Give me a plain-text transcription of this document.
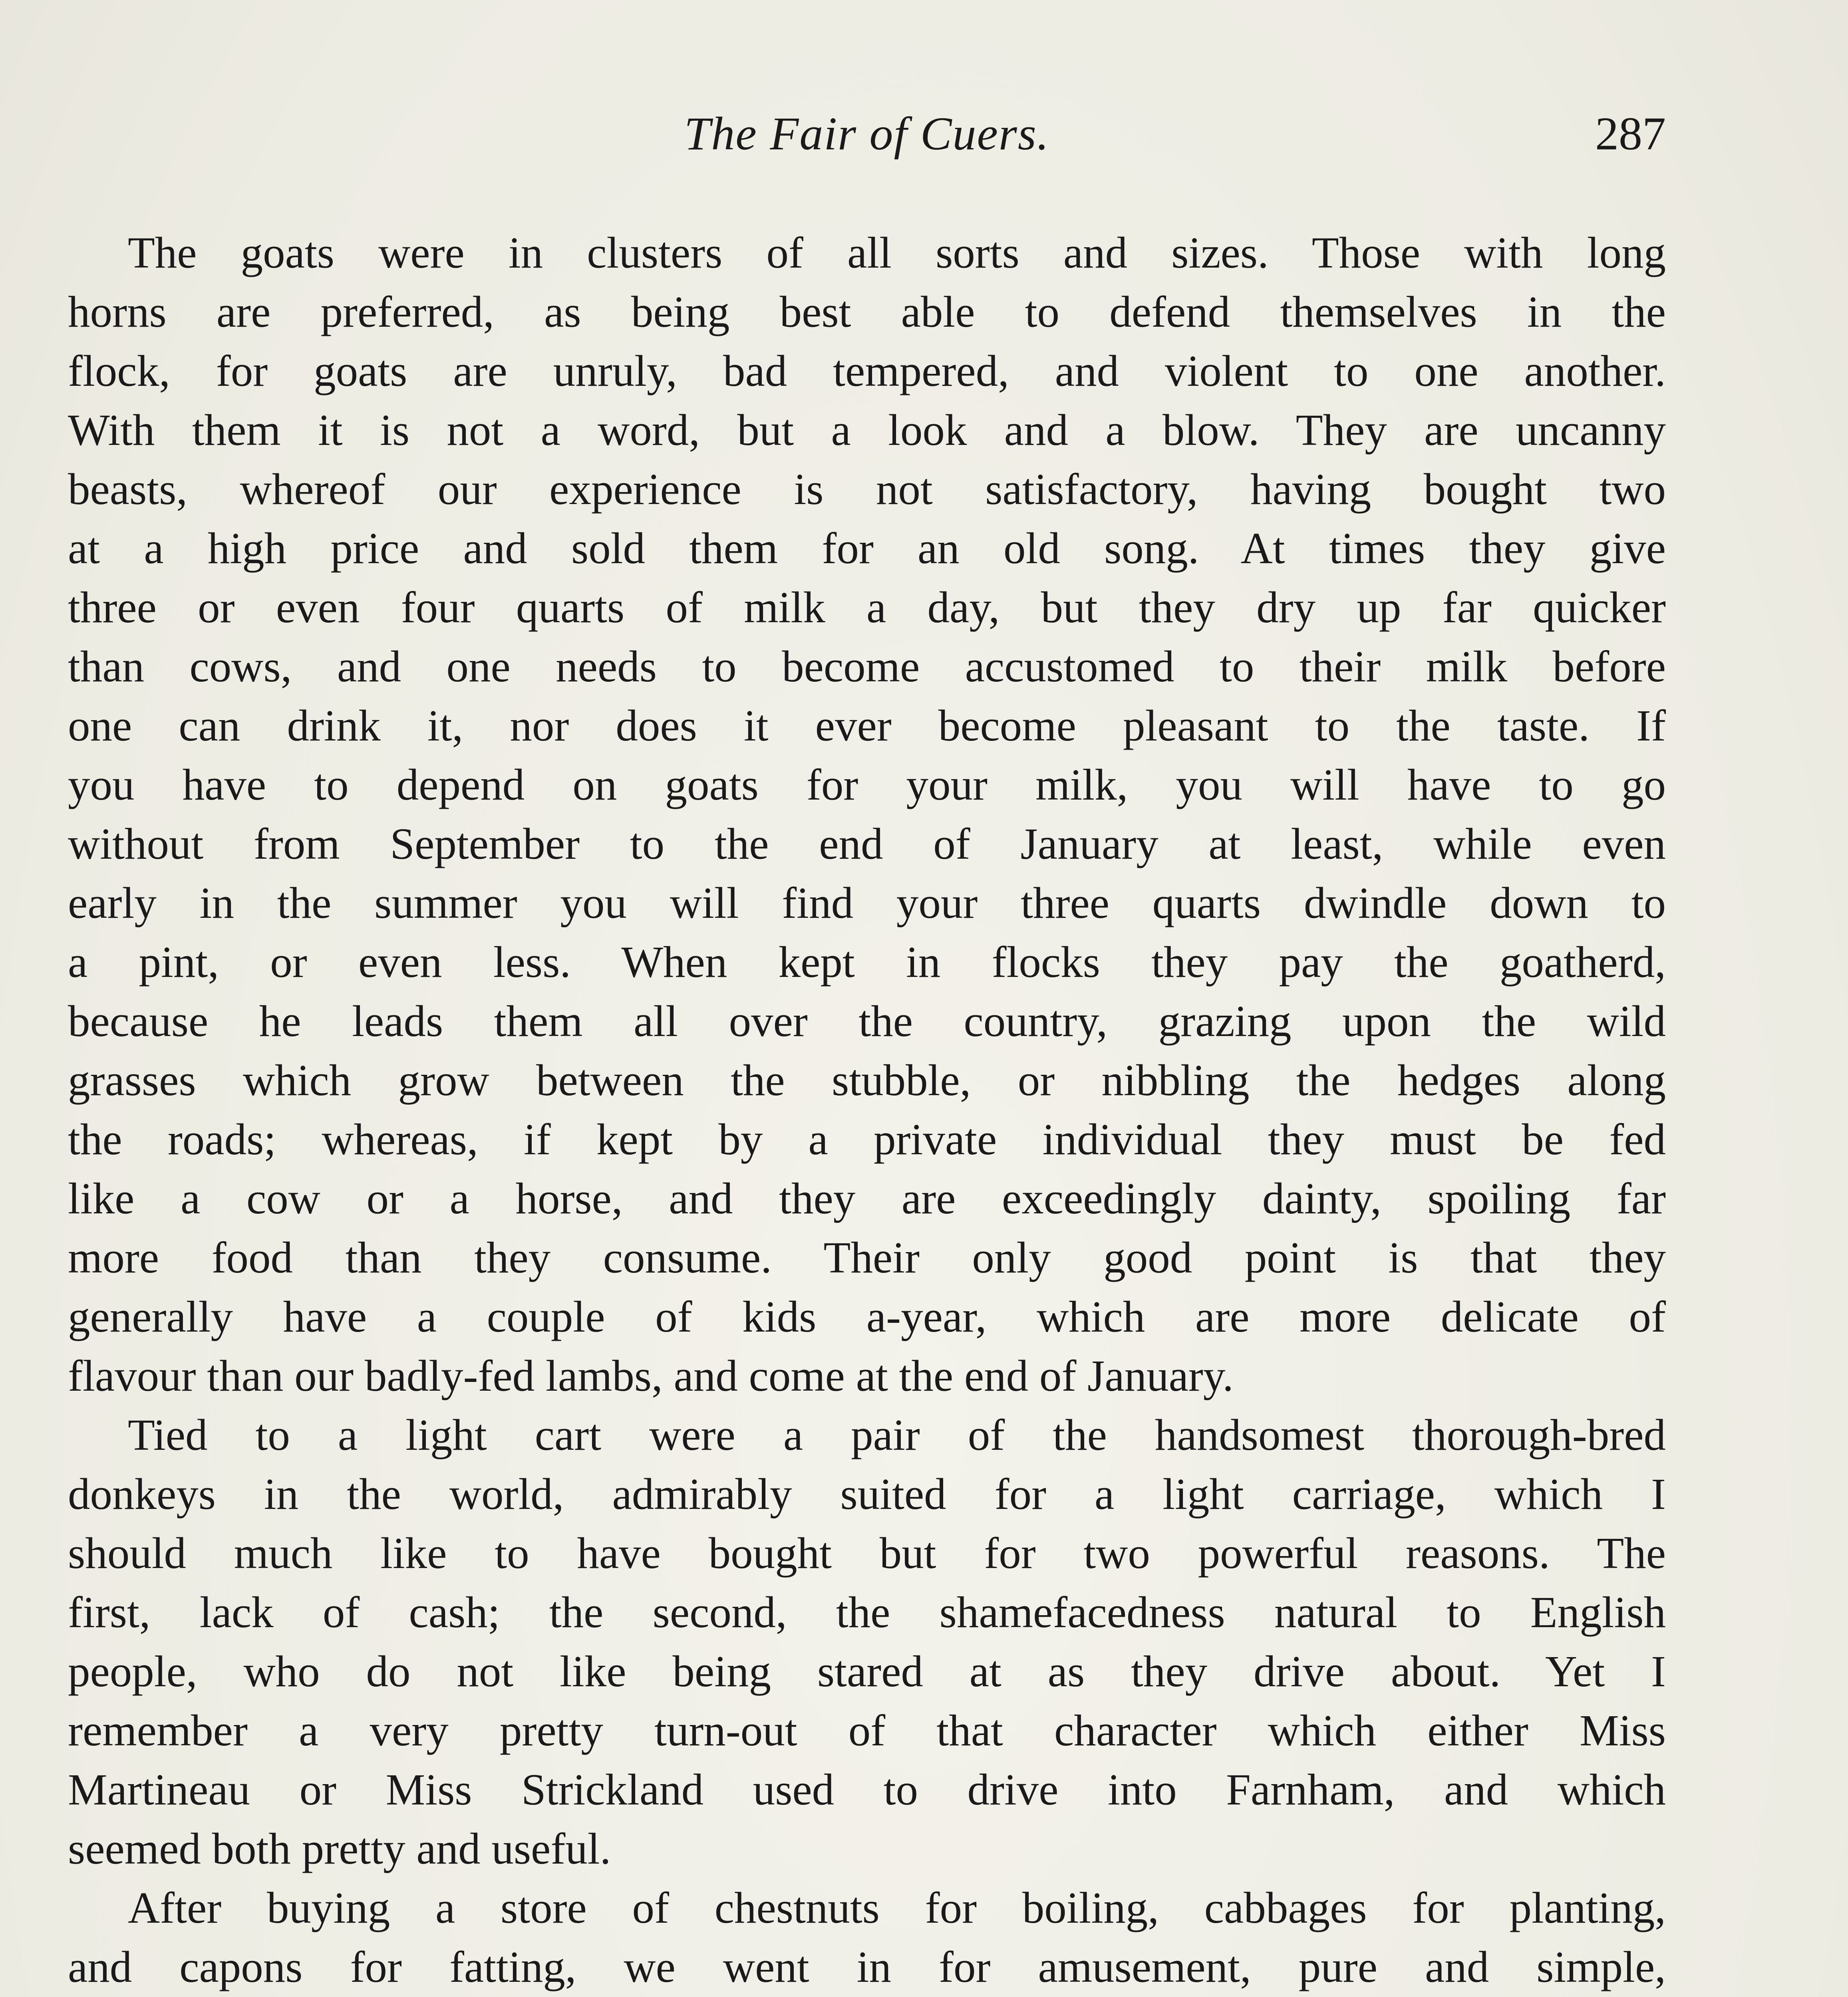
The Fair of Cuers.	287
The goats were in clusters of all sorts and sizes. Those with long
horns are preferred, as being best able to defend themselves in the
flock, for goats are unruly, bad tempered, and violent to one another.
With them it is not a word, but a look and a blow. They are uncanny
beasts, whereof our experience is not satisfactory, having bought two
at a high price and sold them for an old song. At times they give
three or even four quarts of milk a day, but they dry up far quicker
than cows, and one needs to become accustomed to their milk before
one can drink it, nor does it ever become pleasant to the taste. If
you have to depend on goats for your milk, you will have to go
without from September to the end of January at least, while even
early in the summer you will find your three quarts dwindle down to
a pint, or even less. When kept in flocks they pay the goatherd,
because he leads them all over the country, grazing upon the wild
grasses which grow between the stubble, or nibbling the hedges along
the roads; whereas, if kept by a private individual they must be fed
like a cow or a horse, and they are exceedingly dainty, spoiling far
more food than they consume. Their only good point is that they
generally have a couple of kids a-year, which are more delicate of
flavour than our badly-fed lambs, and come at the end of January.
Tied to a light cart were a pair of the handsomest thorough-bred
donkeys in the world, admirably suited for a light carriage, which I
should much like to have bought but for two powerful reasons. The
first, lack of cash; the second, the shamefacedness natural to English
people, who do not like being stared at as they drive about. Yet I
remember a very pretty turn-out of that character which either Miss
Martineau or Miss Strickland used to drive into Farnham, and which
seemed both pretty and useful.
After buying a store of chestnuts for boiling, cabbages for planting,
and capons for fatting, we went in for amusement, pure and simple,
